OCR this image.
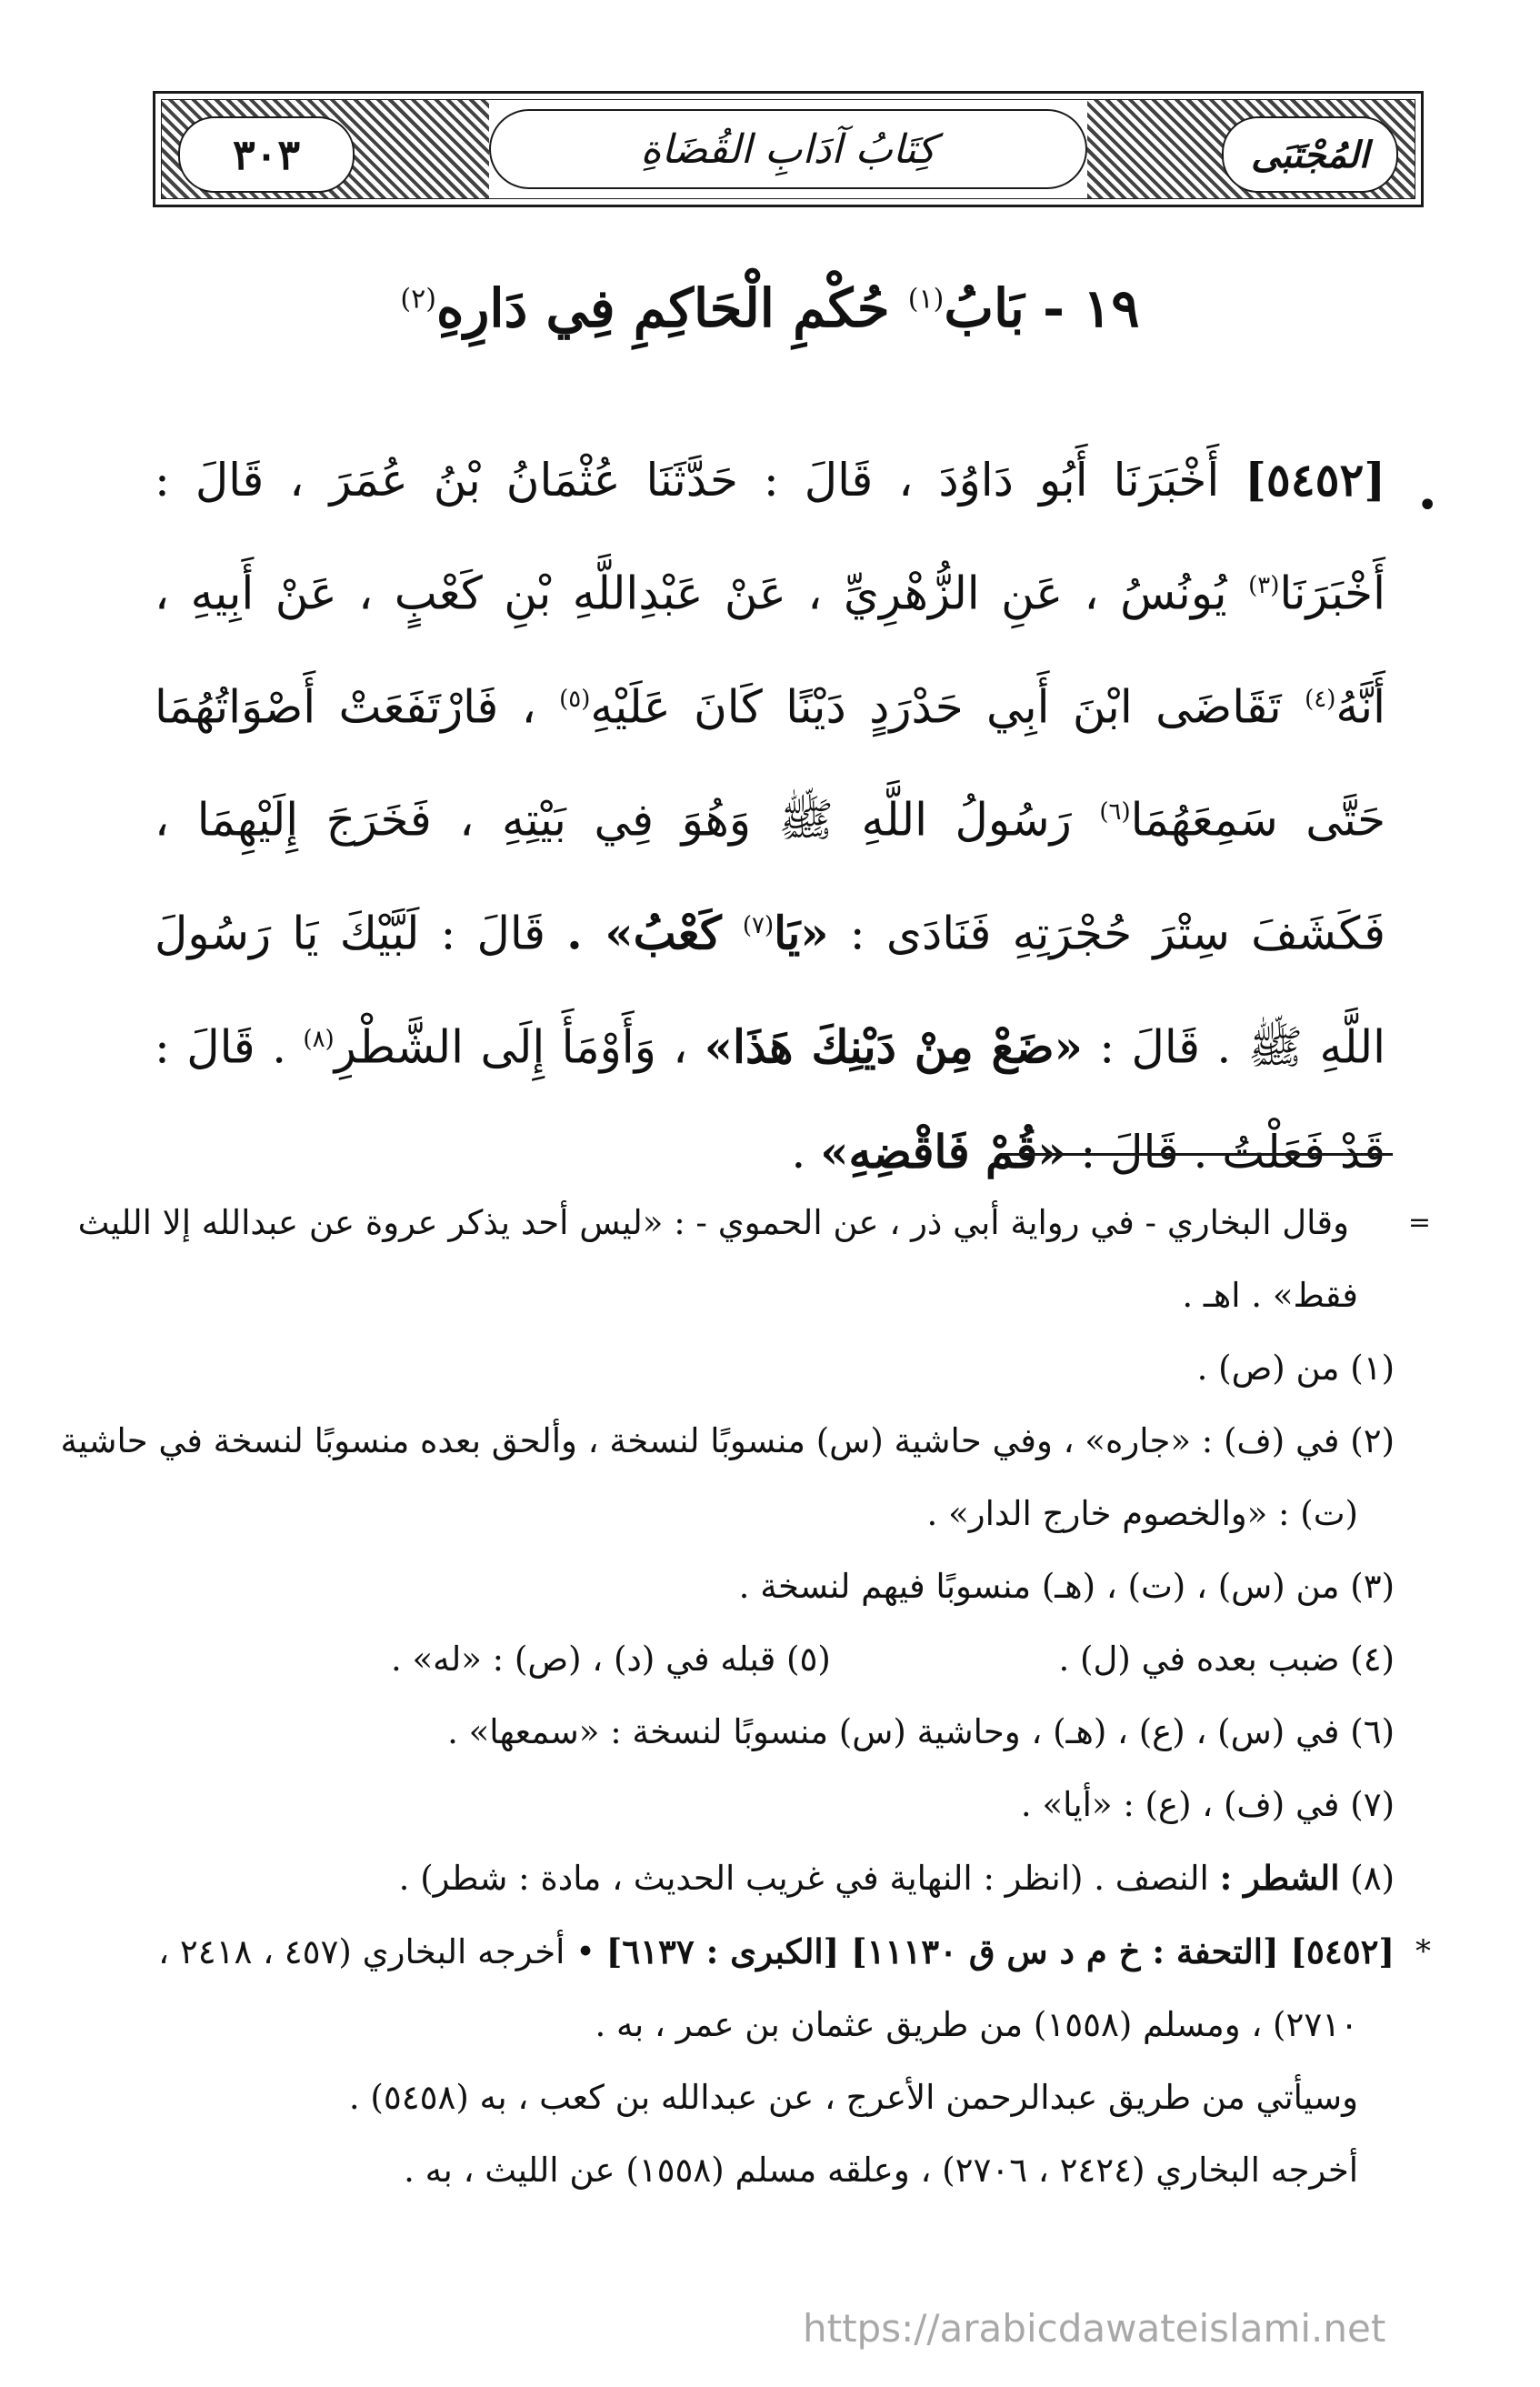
كِتَابُ آدَابِ القُضَاةِ
٣٠٣	المُجْتَبَى
١٩ - بَابُ$^{(١)}$ حُكْمِ الْحَاكِمِ فِي دَارِهِ$^{(٢)}$
•
[٥٤٥٢] أَخْبَرَنَا أَبُو دَاوُدَ ، قَالَ : حَدَّثَنَا عُثْمَانُ بْنُ عُمَرَ ، قَالَ : أَخْبَرَنَا$^{(٣)}$ يُونُسُ ، عَنِ الزُّهْرِيِّ ، عَنْ عَبْدِاللَّهِ بْنِ كَعْبٍ ، عَنْ أَبِيهِ ، أَنَّهُ$^{(٤)}$ تَقَاضَى ابْنَ أَبِي حَدْرَدٍ دَيْنًا كَانَ عَلَيْهِ$^{(٥)}$ ، فَارْتَفَعَتْ أَصْوَاتُهُمَا حَتَّى سَمِعَهُمَا$^{(٦)}$ رَسُولُ اللَّهِ ﷺ وَهُوَ فِي بَيْتِهِ ، فَخَرَجَ إِلَيْهِمَا ، فَكَشَفَ سِتْرَ حُجْرَتِهِ فَنَادَى : «يَا$^{(٧)}$ كَعْبُ» . قَالَ : لَبَّيْكَ يَا رَسُولَ اللَّهِ ﷺ . قَالَ : «ضَعْ مِنْ دَيْنِكَ هَذَا» ، وَأَوْمَأَ إِلَى الشَّطْرِ$^{(٨)}$ . قَالَ : قَدْ فَعَلْتُ . قَالَ : «قُمْ فَاقْضِهِ» .
=
وقال البخاري - في رواية أبي ذر ، عن الحموي - : «ليس أحد يذكر عروة عن عبدالله إلا الليث
فقط» . اهـ .
(١) من (ص) .
(٢) في (ف) : «جاره» ، وفي حاشية (س) منسوبًا لنسخة ، وألحق بعده منسوبًا لنسخة في حاشية
(ت) : «والخصوم خارج الدار» .
(٣) من (س) ، (ت) ، (هـ) منسوبًا فيهم لنسخة .
(٤) ضبب بعده في (ل) .
(٥) قبله في (د) ، (ص) : «له» .
(٦) في (س) ، (ع) ، (هـ) ، وحاشية (س) منسوبًا لنسخة : «سمعها» .
(٧) في (ف) ، (ع) : «أيا» .
(٨) الشطر : النصف . (انظر : النهاية في غريب الحديث ، مادة : شطر) .
*
[٥٤٥٢] [التحفة : خ م د س ق ١١١٣٠] [الكبرى : ٦١٣٧] • أخرجه البخاري (٤٥٧ ، ٢٤١٨ ،
٢٧١٠) ، ومسلم (١٥٥٨) من طريق عثمان بن عمر ، به .
وسيأتي من طريق عبدالرحمن الأعرج ، عن عبدالله بن كعب ، به (٥٤٥٨) .
أخرجه البخاري (٢٤٢٤ ، ٢٧٠٦) ، وعلقه مسلم (١٥٥٨) عن الليث ، به .
https://arabicdawateislami.net
